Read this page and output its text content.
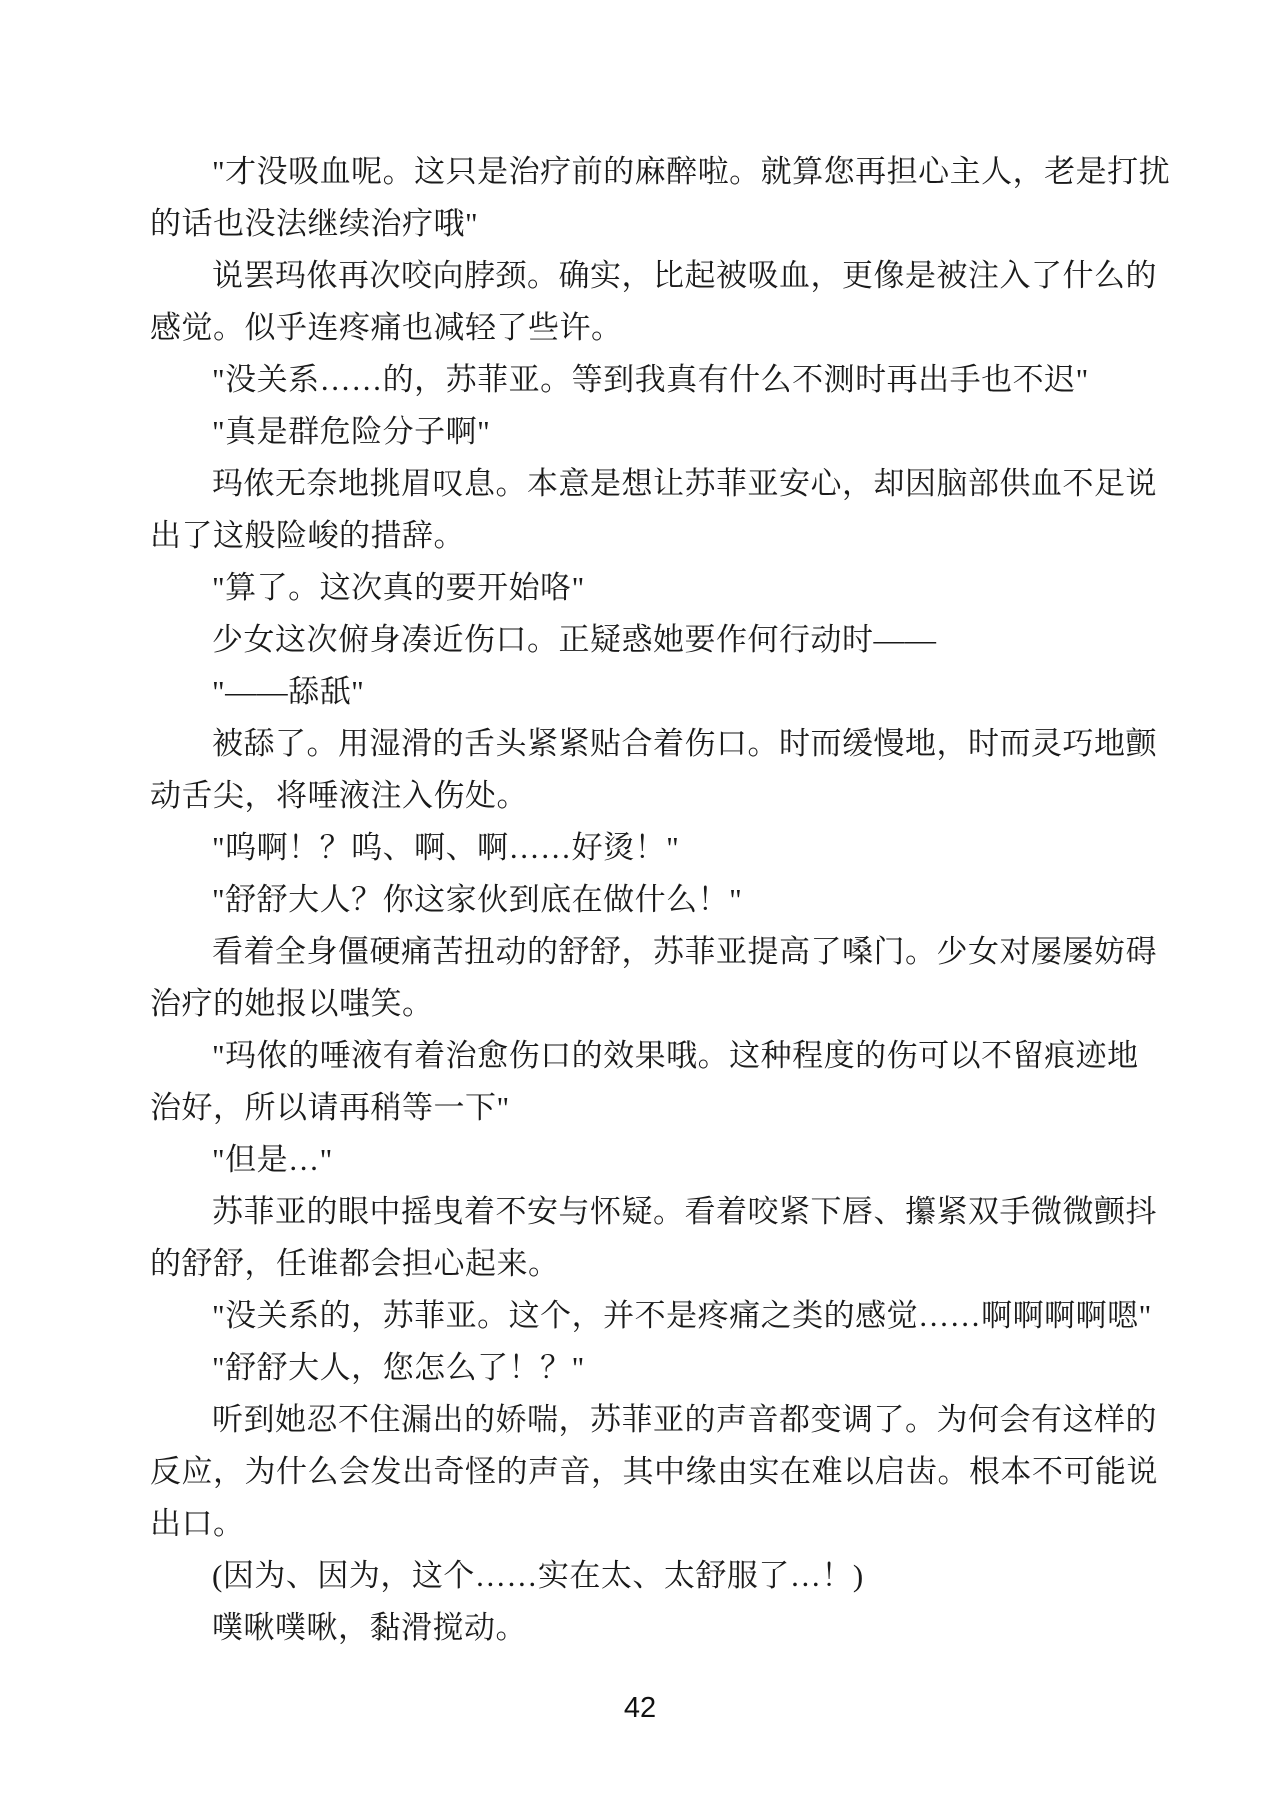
"才没吸血呢。这只是治疗前的麻醉啦。就算您再担心主人，老是打扰
的话也没法继续治疗哦"
说罢玛侬再次咬向脖颈。确实，比起被吸血，更像是被注入了什么的
感觉。似乎连疼痛也减轻了些许。
"没关系……的，苏菲亚。等到我真有什么不测时再出手也不迟"
"真是群危险分子啊"
玛侬无奈地挑眉叹息。本意是想让苏菲亚安心，却因脑部供血不足说
出了这般险峻的措辞。
"算了。这次真的要开始咯"
少女这次俯身凑近伤口。正疑惑她要作何行动时——
"——舔舐"
被舔了。用湿滑的舌头紧紧贴合着伤口。时而缓慢地，时而灵巧地颤
动舌尖，将唾液注入伤处。
"呜啊！？呜、啊、啊……好烫！"
"舒舒大人？你这家伙到底在做什么！"
看着全身僵硬痛苦扭动的舒舒，苏菲亚提高了嗓门。少女对屡屡妨碍
治疗的她报以嗤笑。
"玛侬的唾液有着治愈伤口的效果哦。这种程度的伤可以不留痕迹地
治好，所以请再稍等一下"
"但是…"
苏菲亚的眼中摇曳着不安与怀疑。看着咬紧下唇、攥紧双手微微颤抖
的舒舒，任谁都会担心起来。
"没关系的，苏菲亚。这个，并不是疼痛之类的感觉……啊啊啊啊嗯"
"舒舒大人，您怎么了！？"
听到她忍不住漏出的娇喘，苏菲亚的声音都变调了。为何会有这样的
反应，为什么会发出奇怪的声音，其中缘由实在难以启齿。根本不可能说
出口。
(因为、因为，这个……实在太、太舒服了…！)
噗啾噗啾，黏滑搅动。
42
